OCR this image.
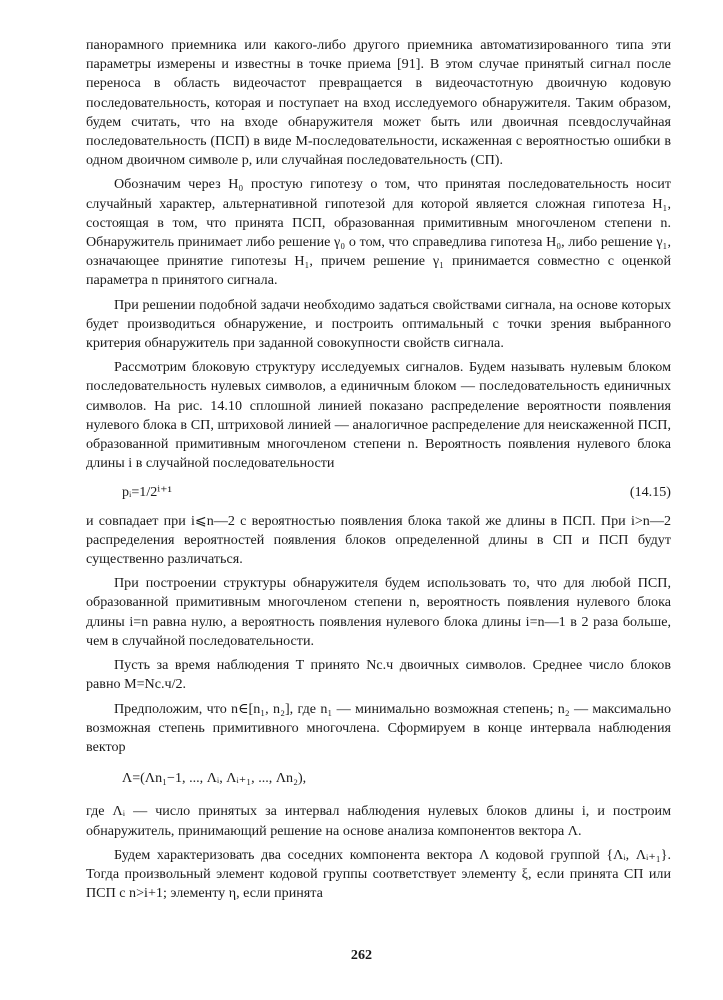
панорамного приемника или какого-либо другого приемника автоматизированного типа эти параметры измерены и известны в точке приема [91]. В этом случае принятый сигнал после переноса в область видеочастот превращается в видеочастотную двоичную кодовую последовательность, которая и поступает на вход исследуемого обнаружителя. Таким образом, будем считать, что на входе обнаружителя может быть или двоичная псевдослучайная последовательность (ПСП) в виде M-последовательности, искаженная с вероятностью ошибки в одном двоичном символе p, или случайная последовательность (СП).

Обозначим через H₀ простую гипотезу о том, что принятая последовательность носит случайный характер, альтернативной гипотезой для которой является сложная гипотеза H₁, состоящая в том, что принята ПСП, образованная примитивным многочленом степени n. Обнаружитель принимает либо решение γ₀ о том, что справедлива гипотеза H₀, либо решение γ₁, означающее принятие гипотезы H₁, причем решение γ₁ принимается совместно с оценкой параметра n принятого сигнала.

При решении подобной задачи необходимо задаться свойствами сигнала, на основе которых будет производиться обнаружение, и построить оптимальный с точки зрения выбранного критерия обнаружитель при заданной совокупности свойств сигнала.

Рассмотрим блоковую структуру исследуемых сигналов. Будем называть нулевым блоком последовательность нулевых символов, а единичным блоком — последовательность единичных символов. На рис. 14.10 сплошной линией показано распределение вероятности появления нулевого блока в СП, штриховой линией — аналогичное распределение для неискаженной ПСП, образованной примитивным многочленом степени n. Вероятность появления нулевого блока длины i в случайной последовательности

pᵢ=1/2ⁱ⁺¹	(14.15)

и совпадает при i⩽n—2 с вероятностью появления блока такой же длины в ПСП. При i>n—2 распределения вероятностей появления блоков определенной длины в СП и ПСП будут существенно различаться.

При построении структуры обнаружителя будем использовать то, что для любой ПСП, образованной примитивным многочленом степени n, вероятность появления нулевого блока длины i=n равна нулю, а вероятность появления нулевого блока длины i=n—1 в 2 раза больше, чем в случайной последовательности.

Пусть за время наблюдения T принято Nс.ч двоичных символов. Среднее число блоков равно M=Nс.ч/2.

Предположим, что n∈[n₁, n₂], где n₁ — минимально возможная степень; n₂ — максимально возможная степень примитивного многочлена. Сформируем в конце интервала наблюдения вектор

Λ=(Λn₁−1, ..., Λᵢ, Λᵢ₊₁, ..., Λn₂),

где Λᵢ — число принятых за интервал наблюдения нулевых блоков длины i, и построим обнаружитель, принимающий решение на основе анализа компонентов вектора Λ.

Будем характеризовать два соседних компонента вектора Λ кодовой группой {Λᵢ, Λᵢ₊₁}. Тогда произвольный элемент кодовой группы соответствует элементу ξ, если принята СП или ПСП с n>i+1; элементу η, если принята

262
